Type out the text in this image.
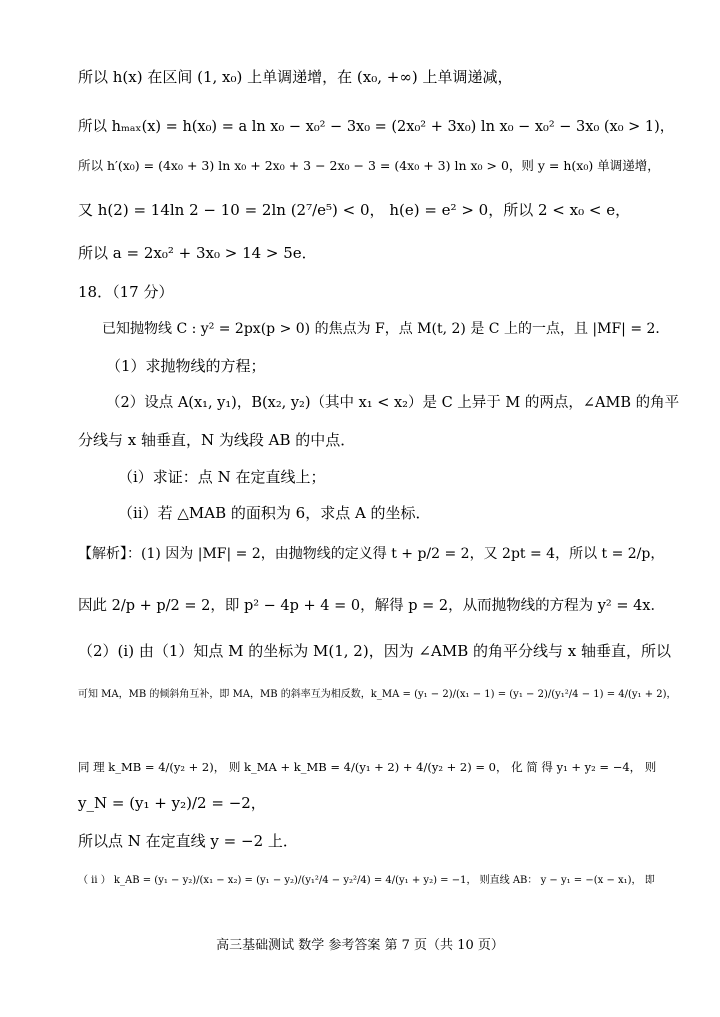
所以 h(x) 在区间 (1, x₀) 上单调递增，在 (x₀, +∞) 上单调递减，
所以 hₘₐₓ(x) = h(x₀) = a ln x₀ − x₀² − 3x₀ = (2x₀² + 3x₀) ln x₀ − x₀² − 3x₀ (x₀ > 1)，
所以 h′(x₀) = (4x₀ + 3) ln x₀ + 2x₀ + 3 − 2x₀ − 3 = (4x₀ + 3) ln x₀ > 0，则 y = h(x₀) 单调递增，
又 h(2) = 14ln 2 − 10 = 2ln (2⁷/e⁵) < 0， h(e) = e² > 0，所以 2 < x₀ < e，
所以 a = 2x₀² + 3x₀ > 14 > 5e．
18．（17 分）
已知抛物线 C : y² = 2px(p > 0) 的焦点为 F，点 M(t, 2) 是 C 上的一点，且 |MF| = 2．
（1）求抛物线的方程；
（2）设点 A(x₁, y₁)，B(x₂, y₂)（其中 x₁ < x₂）是 C 上异于 M 的两点，∠AMB 的角平
分线与 x 轴垂直，N 为线段 AB 的中点．
（ⅰ）求证：点 N 在定直线上；
（ⅱ）若 △MAB 的面积为 6，求点 A 的坐标．
【解析】：(1) 因为 |MF| = 2，由抛物线的定义得 t + p/2 = 2，又 2pt = 4，所以 t = 2/p，
因此 2/p + p/2 = 2，即 p² − 4p + 4 = 0，解得 p = 2，从而抛物线的方程为 y² = 4x．
（2）(ⅰ) 由（1）知点 M 的坐标为 M(1, 2)，因为 ∠AMB 的角平分线与 x 轴垂直，所以
可知 MA，MB 的倾斜角互补，即 MA，MB 的斜率互为相反数，k_MA = (y₁ − 2)/(x₁ − 1) = (y₁ − 2)/(y₁²/4 − 1) = 4/(y₁ + 2)，
同 理 k_MB = 4/(y₂ + 2)， 则 k_MA + k_MB = 4/(y₁ + 2) + 4/(y₂ + 2) = 0， 化 简 得 y₁ + y₂ = −4， 则
y_N = (y₁ + y₂)/2 = −2，
所以点 N 在定直线 y = −2 上．
（ ⅱ ） k_AB = (y₁ − y₂)/(x₁ − x₂) = (y₁ − y₂)/(y₁²/4 − y₂²/4) = 4/(y₁ + y₂) = −1， 则直线 AB： y − y₁ = −(x − x₁)， 即
高三基础测试 数学 参考答案 第 7 页（共 10 页）
